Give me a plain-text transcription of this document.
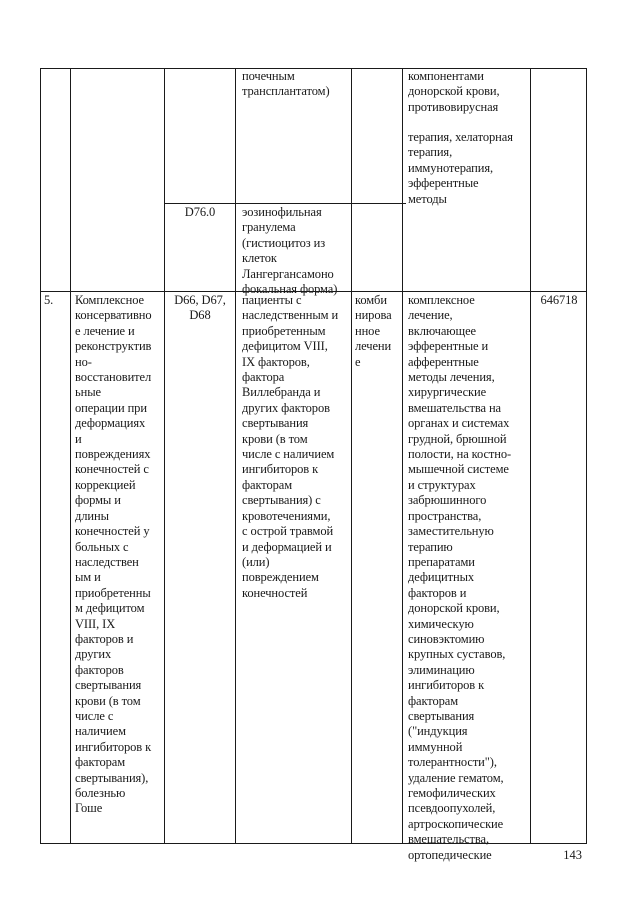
почечным
трансплантатом)
компонентами
донорской крови,
противовирусная
терапия, хелаторная
терапия,
иммунотерапия,
эфферентные
методы
D76.0	эозинофильная
гранулема
(гистиоцитоз из
клеток
Лангергансамоно
фокальная форма)
5.	Комплексное
консервативно
е лечение и
реконструктив
но-
восстановител
ьные
операции при
деформациях
и
повреждениях
конечностей с
коррекцией
формы и
длины
конечностей у
больных с
наследствен
ым и
приобретенны
м дефицитом
VIII, IX
факторов и
других
факторов
свертывания
крови (в том
числе с
наличием
ингибиторов к
факторам
свертывания),
болезнью
Гоше
D66, D67,
D68
пациенты с
наследственным и
приобретенным
дефицитом VIII,
IX факторов,
фактора
Виллебранда и
других факторов
свертывания
крови (в том
числе с наличием
ингибиторов к
факторам
свертывания) с
кровотечениями,
с острой травмой
и деформацией и
(или)
повреждением
конечностей
комби
нирова
нное
лечени
е
комплексное
лечение,
включающее
эфферентные и
афферентные
методы лечения,
хирургические
вмешательства на
органах и системах
грудной, брюшной
полости, на костно-
мышечной системе
и структурах
забрюшинного
пространства,
заместительную
терапию
препаратами
дефицитных
факторов и
донорской крови,
химическую
синовэктомию
крупных суставов,
элиминацию
ингибиторов к
факторам
свертывания
("индукция
иммунной
толерантности"),
удаление гематом,
гемофилических
псевдоопухолей,
артроскопические
вмешательства,
ортопедические
646718
143
